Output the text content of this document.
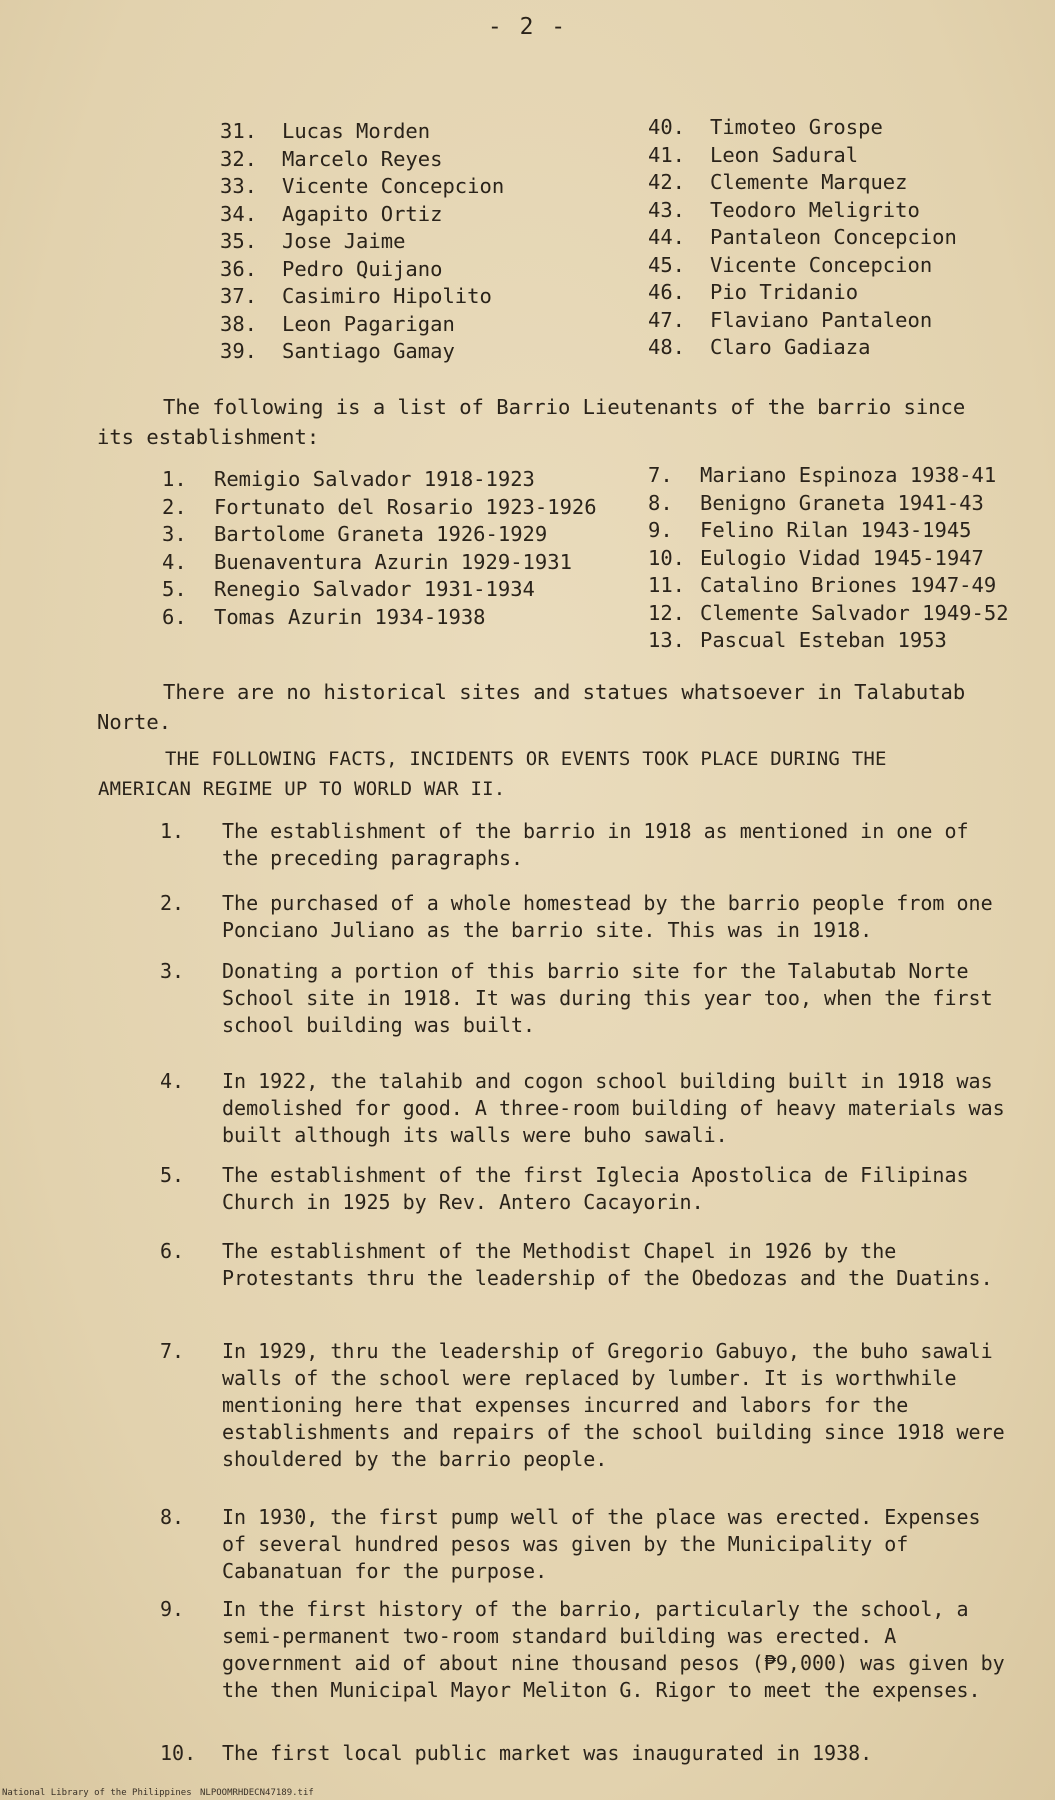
- 2 -
31.	Lucas Morden
32.	Marcelo Reyes
33.	Vicente Concepcion
34.	Agapito Ortiz
35.	Jose Jaime
36.	Pedro Quijano
37.	Casimiro Hipolito
38.	Leon Pagarigan
39.	Santiago Gamay
40.	Timoteo Grospe
41.	Leon Sadural
42.	Clemente Marquez
43.	Teodoro Meligrito
44.	Pantaleon Concepcion
45.	Vicente Concepcion
46.	Pio Tridanio
47.	Flaviano Pantaleon
48.	Claro Gadiaza
The following is a list of Barrio Lieutenants of the barrio since
its establishment:
1.	Remigio Salvador 1918-1923
2.	Fortunato del Rosario 1923-1926
3.	Bartolome Graneta 1926-1929
4.	Buenaventura Azurin 1929-1931
5.	Renegio Salvador 1931-1934
6.	Tomas Azurin 1934-1938
7.	Mariano Espinoza 1938-41
8.	Benigno Graneta 1941-43
9.	Felino Rilan 1943-1945
10. Eulogio Vidad 1945-1947
11. Catalino Briones 1947-49
12. Clemente Salvador 1949-52
13. Pascual Esteban 1953
There are no historical sites and statues whatsoever in Talabutab
Norte.
THE FOLLOWING FACTS, INCIDENTS OR EVENTS TOOK PLACE DURING THE
AMERICAN REGIME UP TO WORLD WAR II.
1.	The establishment of the barrio in 1918 as mentioned in one of the preceding paragraphs.
2.	The purchased of a whole homestead by the barrio people from one Ponciano Juliano as the barrio site. This was in 1918.
3.	Donating a portion of this barrio site for the Talabutab Norte School site in 1918. It was during this year too, when the first school building was built.
4.	In 1922, the talahib and cogon school building built in 1918 was demolished for good. A three-room building of heavy materials was built although its walls were buho sawali.
5.	The establishment of the first Iglecia Apostolica de Filipinas Church in 1925 by Rev. Antero Cacayorin.
6.	The establishment of the Methodist Chapel in 1926 by the Protestants thru the leadership of the Obedozas and the Duatins.
7.	In 1929, thru the leadership of Gregorio Gabuyo, the buho sawali walls of the school were replaced by lumber. It is worthwhile mentioning here that expenses incurred and labors for the establishments and repairs of the school building since 1918 were shouldered by the barrio people.
8.	In 1930, the first pump well of the place was erected. Expenses of several hundred pesos was given by the Municipality of Cabanatuan for the purpose.
9.	In the first history of the barrio, particularly the school, a semi-permanent two-room standard building was erected. A government aid of about nine thousand pesos (₱9,000) was given by the then Municipal Mayor Meliton G. Rigor to meet the expenses.
10.	The first local public market was inaugurated in 1938.
National Library of the Philippines NLPOOMRHDECN47189.tif
